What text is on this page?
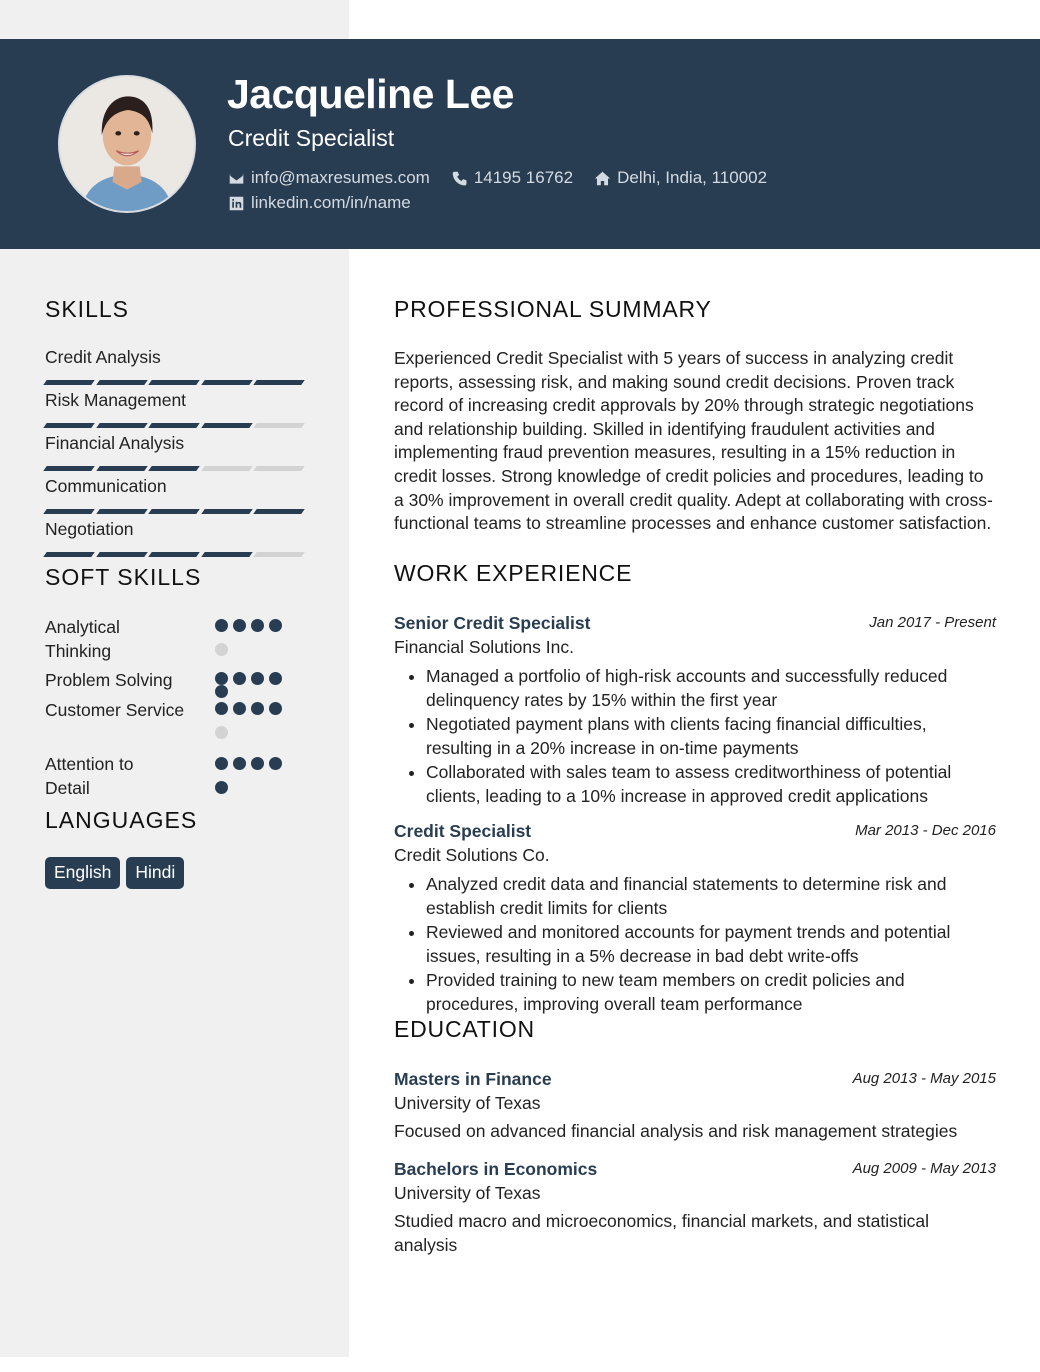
Jacqueline Lee
Credit Specialist
info@maxresumes.com	14195 16762	Delhi, India, 110002
linkedin.com/in/name
SKILLS
Credit Analysis
Risk Management
Financial Analysis
Communication
Negotiation
SOFT SKILLS
Analytical Thinking
Problem Solving
Customer Service
Attention to Detail
LANGUAGES
English	Hindi
PROFESSIONAL SUMMARY
Experienced Credit Specialist with 5 years of success in analyzing credit reports, assessing risk, and making sound credit decisions. Proven track record of increasing credit approvals by 20% through strategic negotiations and relationship building. Skilled in identifying fraudulent activities and implementing fraud prevention measures, resulting in a 15% reduction in credit losses. Strong knowledge of credit policies and procedures, leading to a 30% improvement in overall credit quality. Adept at collaborating with cross-functional teams to streamline processes and enhance customer satisfaction.
WORK EXPERIENCE
Senior Credit Specialist	Jan 2017 - Present
Financial Solutions Inc.
• Managed a portfolio of high-risk accounts and successfully reduced delinquency rates by 15% within the first year
• Negotiated payment plans with clients facing financial difficulties, resulting in a 20% increase in on-time payments
• Collaborated with sales team to assess creditworthiness of potential clients, leading to a 10% increase in approved credit applications
Credit Specialist	Mar 2013 - Dec 2016
Credit Solutions Co.
• Analyzed credit data and financial statements to determine risk and establish credit limits for clients
• Reviewed and monitored accounts for payment trends and potential issues, resulting in a 5% decrease in bad debt write-offs
• Provided training to new team members on credit policies and procedures, improving overall team performance
EDUCATION
Masters in Finance	Aug 2013 - May 2015
University of Texas
Focused on advanced financial analysis and risk management strategies
Bachelors in Economics	Aug 2009 - May 2013
University of Texas
Studied macro and microeconomics, financial markets, and statistical analysis
